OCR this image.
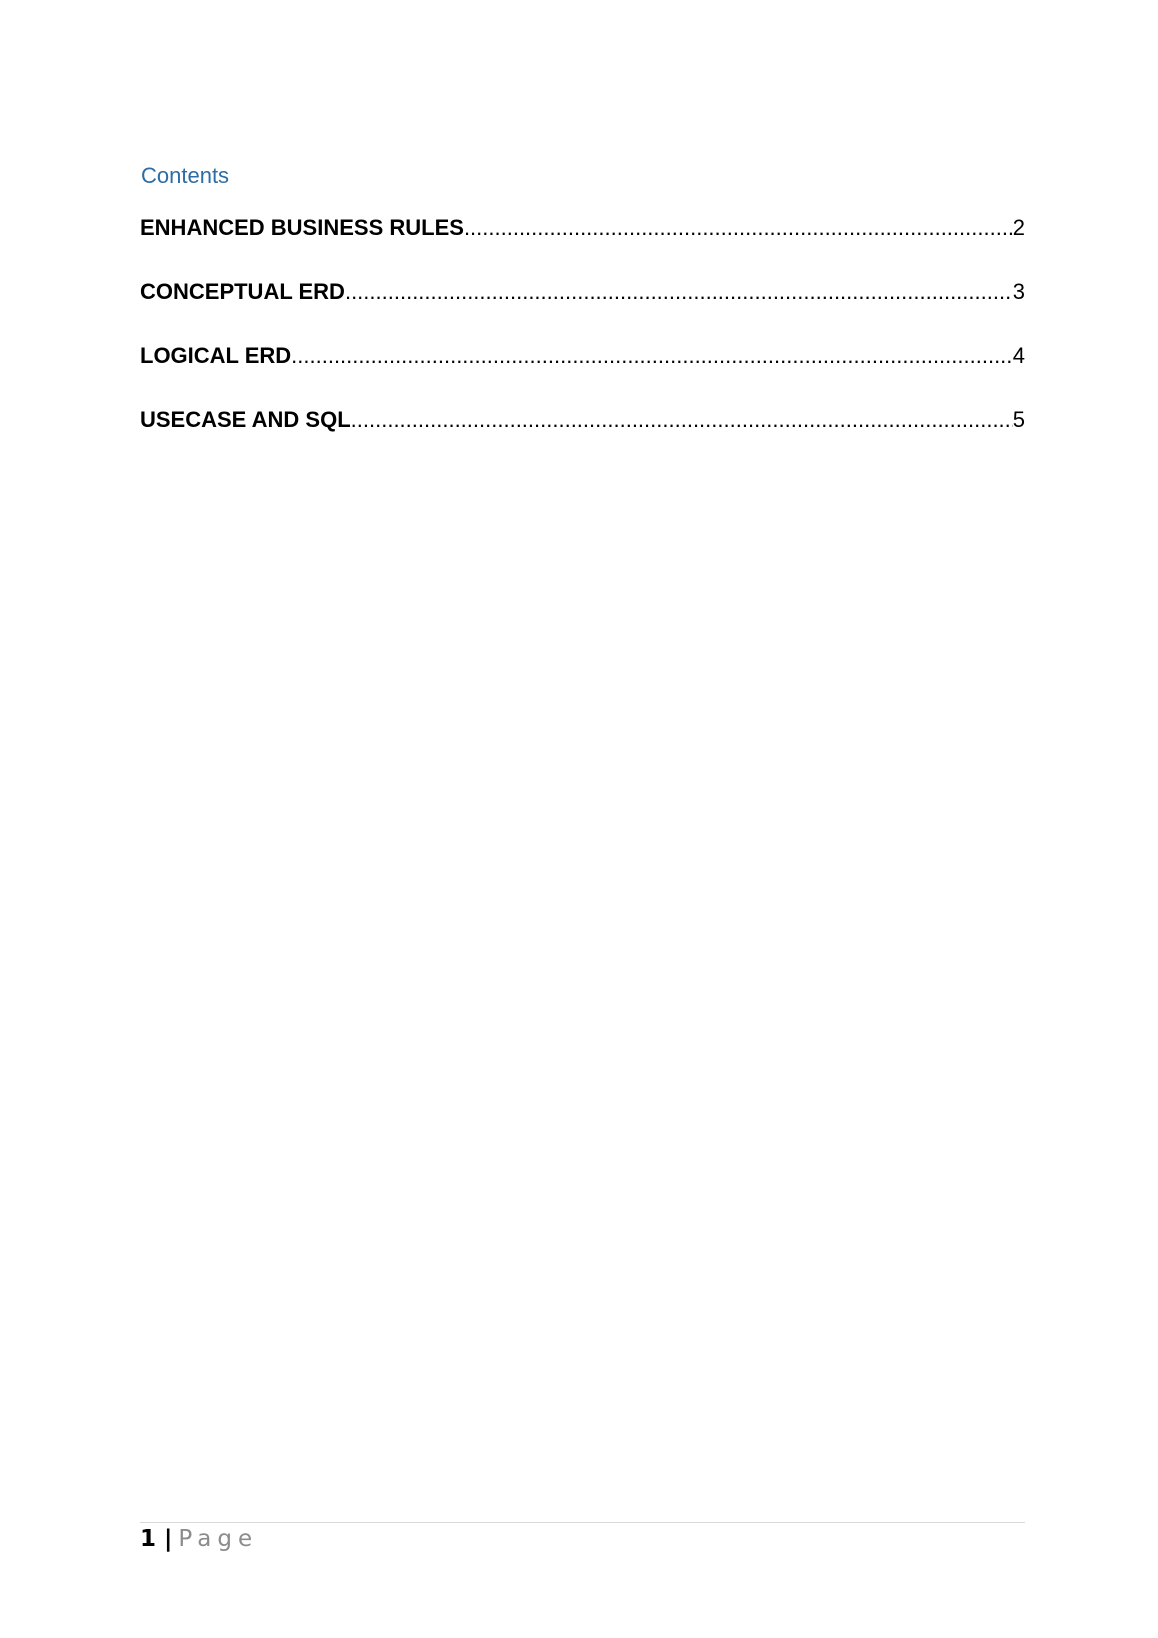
Contents
ENHANCED BUSINESS RULES .....	2
CONCEPTUAL ERD .....	3
LOGICAL ERD .....	4
USECASE AND SQL .....	5
1 | Page
